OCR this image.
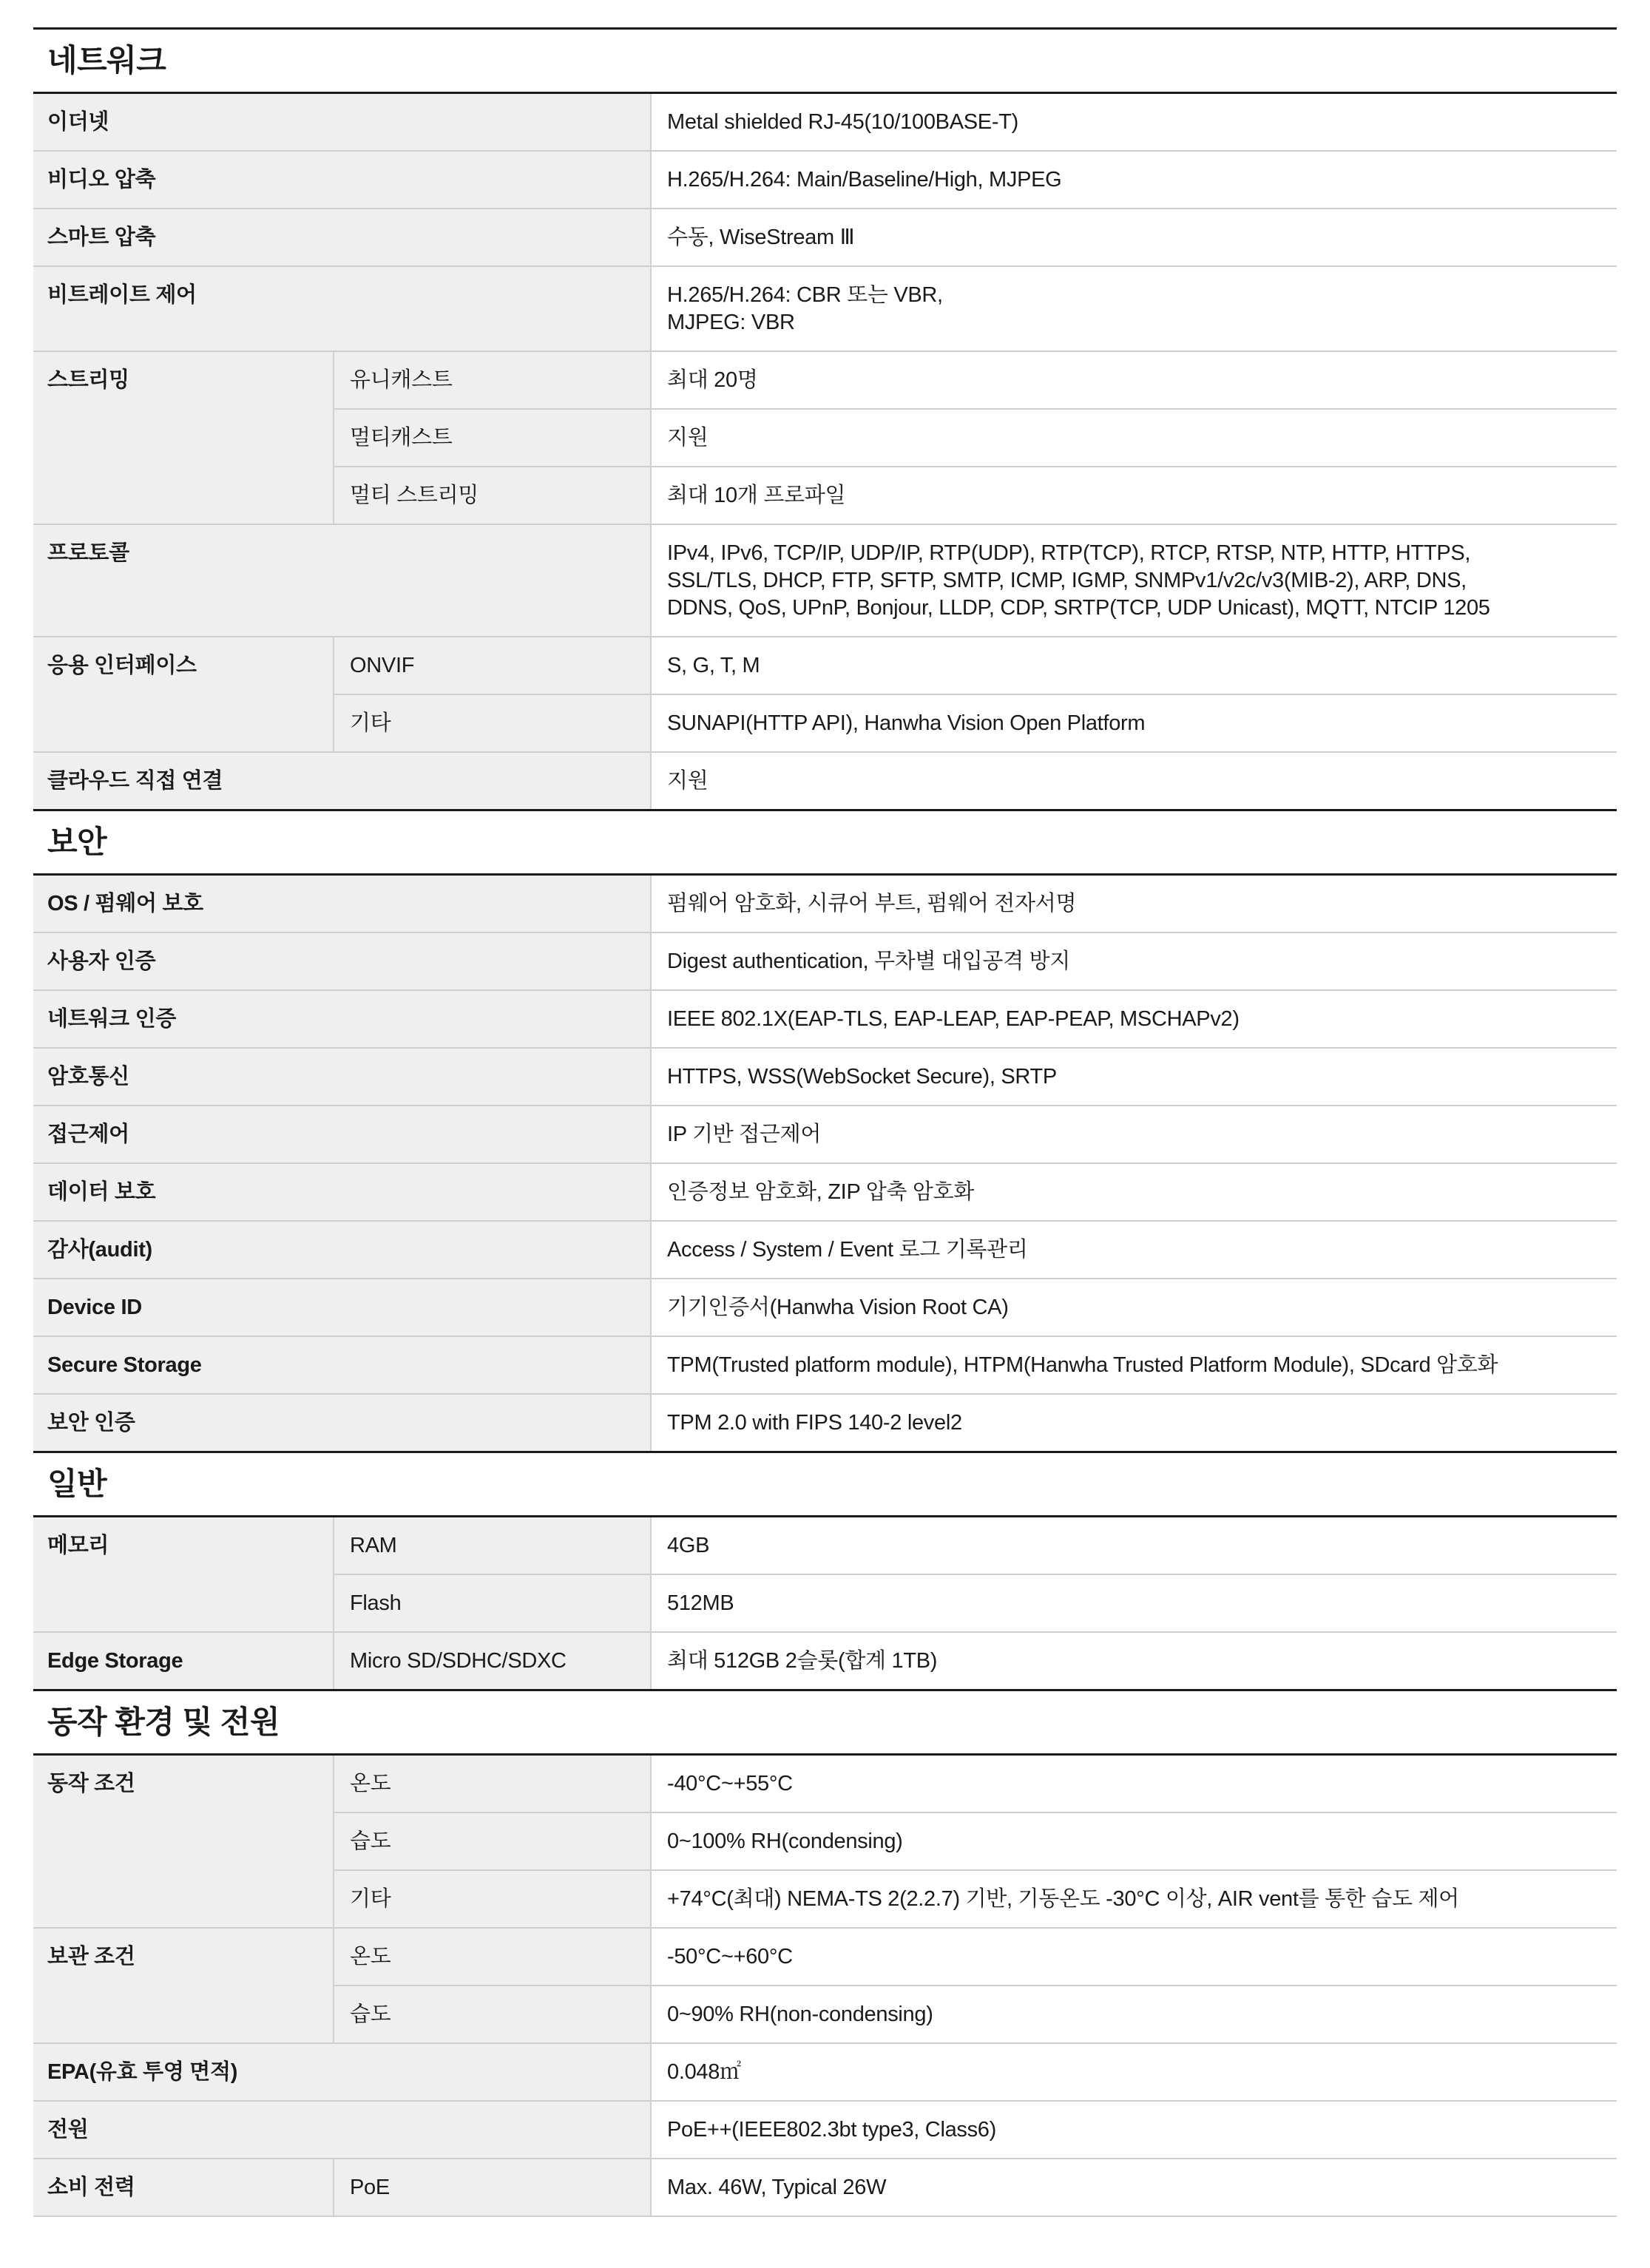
네트워크
이더넷	Metal shielded RJ-45(10/100BASE-T)
비디오 압축	H.265/H.264: Main/Baseline/High, MJPEG
스마트 압축	수동, WiseStream Ⅲ
비트레이트 제어	H.265/H.264: CBR 또는 VBR,
MJPEG: VBR
스트리밍	유니캐스트	최대 20명
멀티캐스트	지원
멀티 스트리밍	최대 10개 프로파일
프로토콜	IPv4, IPv6, TCP/IP, UDP/IP, RTP(UDP), RTP(TCP), RTCP, RTSP, NTP, HTTP, HTTPS,
SSL/TLS, DHCP, FTP, SFTP, SMTP, ICMP, IGMP, SNMPv1/v2c/v3(MIB-2), ARP, DNS,
DDNS, QoS, UPnP, Bonjour, LLDP, CDP, SRTP(TCP, UDP Unicast), MQTT, NTCIP 1205
응용 인터페이스	ONVIF	S, G, T, M
기타	SUNAPI(HTTP API), Hanwha Vision Open Platform
클라우드 직접 연결	지원
보안
OS / 펌웨어 보호	펌웨어 암호화, 시큐어 부트, 펌웨어 전자서명
사용자 인증	Digest authentication, 무차별 대입공격 방지
네트워크 인증	IEEE 802.1X(EAP-TLS, EAP-LEAP, EAP-PEAP, MSCHAPv2)
암호통신	HTTPS, WSS(WebSocket Secure), SRTP
접근제어	IP 기반 접근제어
데이터 보호	인증정보 암호화, ZIP 압축 암호화
감사(audit)	Access / System / Event 로그 기록관리
Device ID	기기인증서(Hanwha Vision Root CA)
Secure Storage	TPM(Trusted platform module), HTPM(Hanwha Trusted Platform Module), SDcard 암호화
보안 인증	TPM 2.0 with FIPS 140-2 level2
일반
메모리	RAM	4GB
Flash	512MB
Edge Storage	Micro SD/SDHC/SDXC	최대 512GB 2슬롯(합계 1TB)
동작 환경 및 전원
동작 조건	온도	-40°C~+55°C
습도	0~100% RH(condensing)
기타	+74°C(최대) NEMA-TS 2(2.2.7) 기반, 기동온도 -30°C 이상, AIR vent를 통한 습도 제어
보관 조건	온도	-50°C~+60°C
습도	0~90% RH(non-condensing)
EPA(유효 투영 면적)	0.048㎡
전원	PoE++(IEEE802.3bt type3, Class6)
소비 전력	PoE	Max. 46W, Typical 26W
